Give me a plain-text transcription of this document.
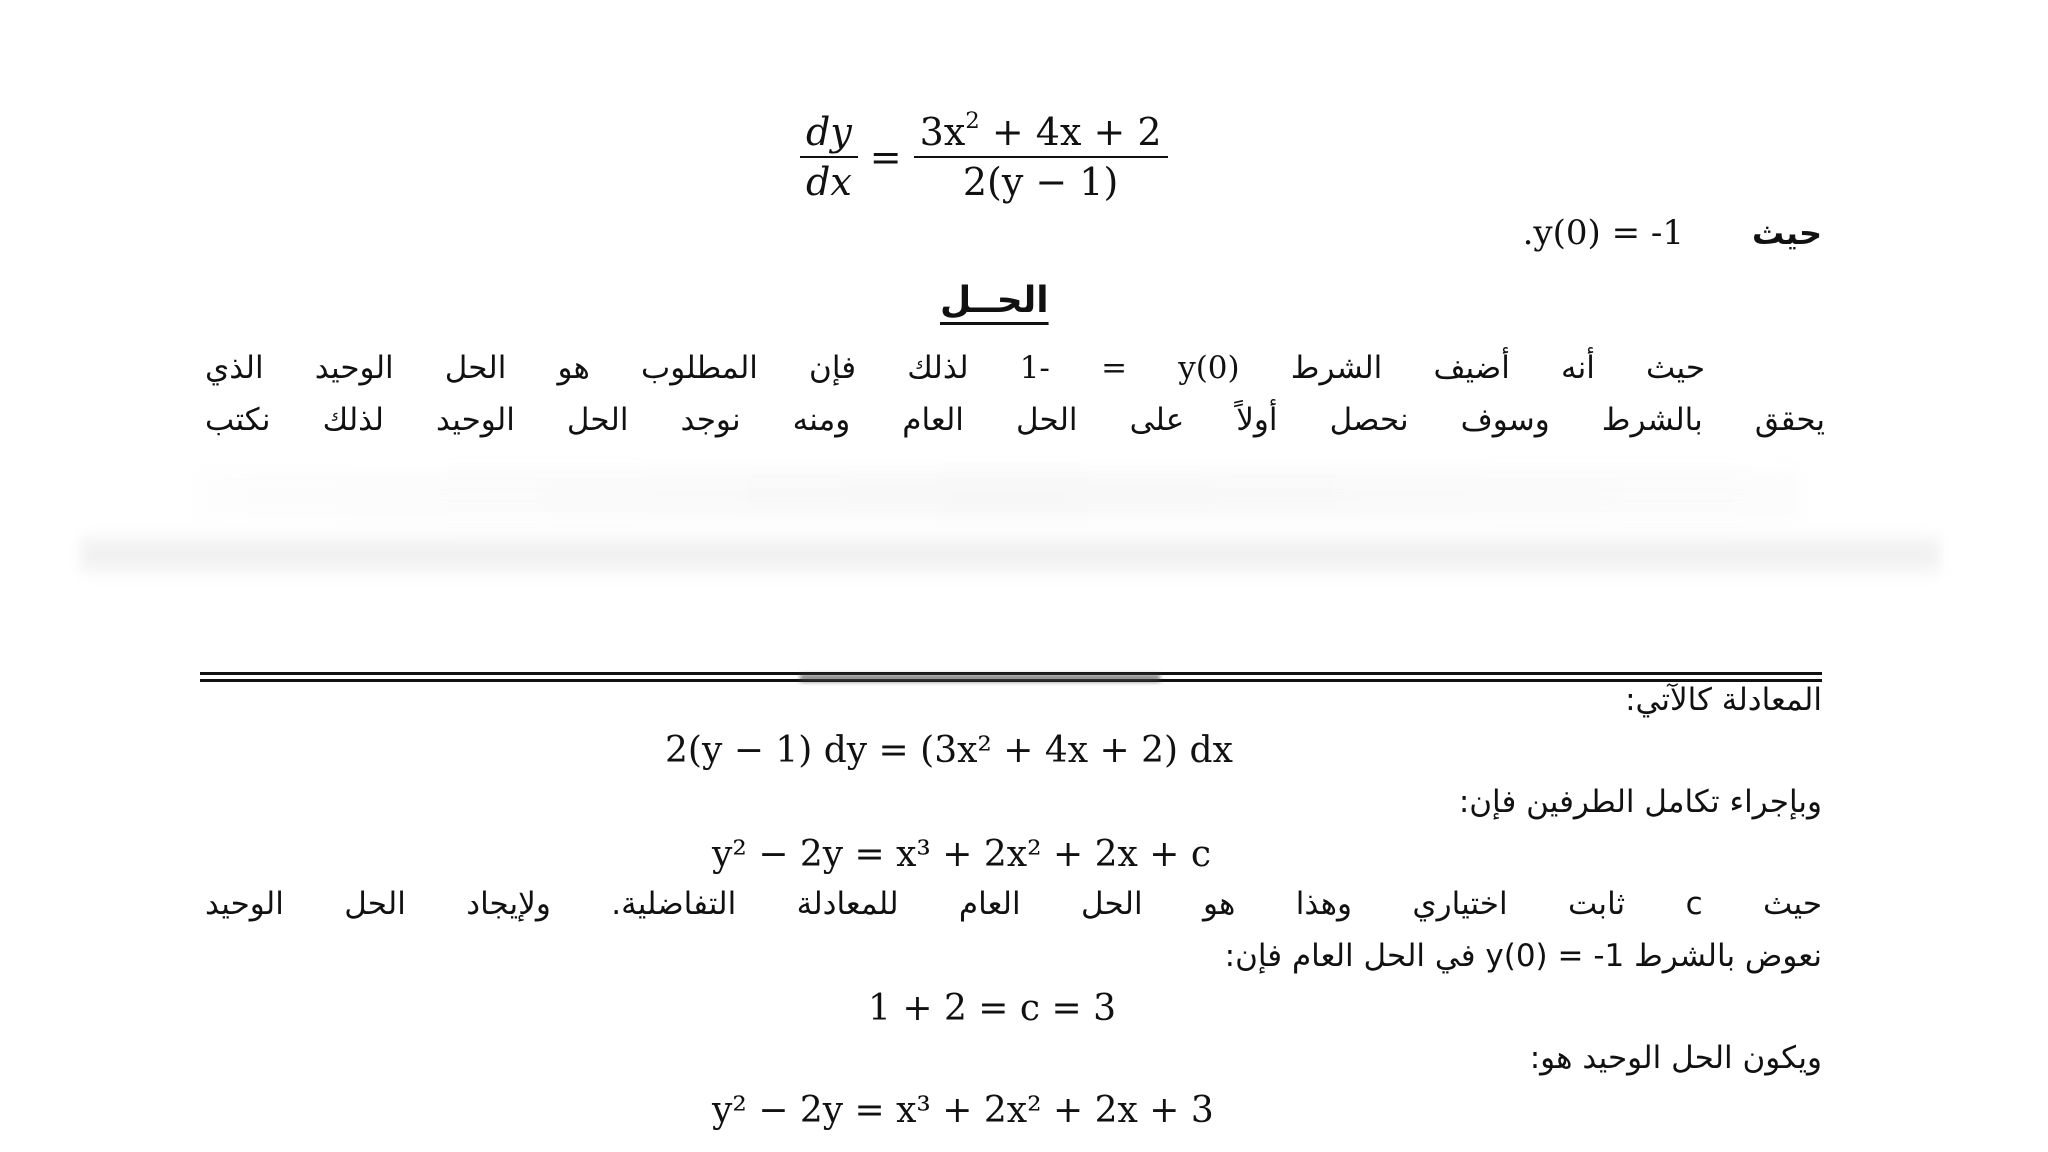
$\frac{dy}{dx} = \frac{3x^2 + 4x + 2}{2(y - 1)}$
حيث
.y(0) = -1
الحــل
حيث أنه أضيف الشرط 1- = y(0) لذلك فإن المطلوب هو الحل الوحيد الذي
يحقق بالشرط وسوف نحصل أولاً على الحل العام ومنه نوجد الحل الوحيد لذلك نكتب
المعادلة كالآتي:
2(y − 1) dy = (3x² + 4x + 2) dx
وبإجراء تكامل الطرفين فإن:
y² − 2y = x³ + 2x² + 2x + c
حيث c ثابت اختياري وهذا هو الحل العام للمعادلة التفاضلية. ولإيجاد الحل الوحيد
نعوض بالشرط 1- = y(0) في الحل العام فإن:
1 + 2 = c = 3
ويكون الحل الوحيد هو:
y² − 2y = x³ + 2x² + 2x + 3
